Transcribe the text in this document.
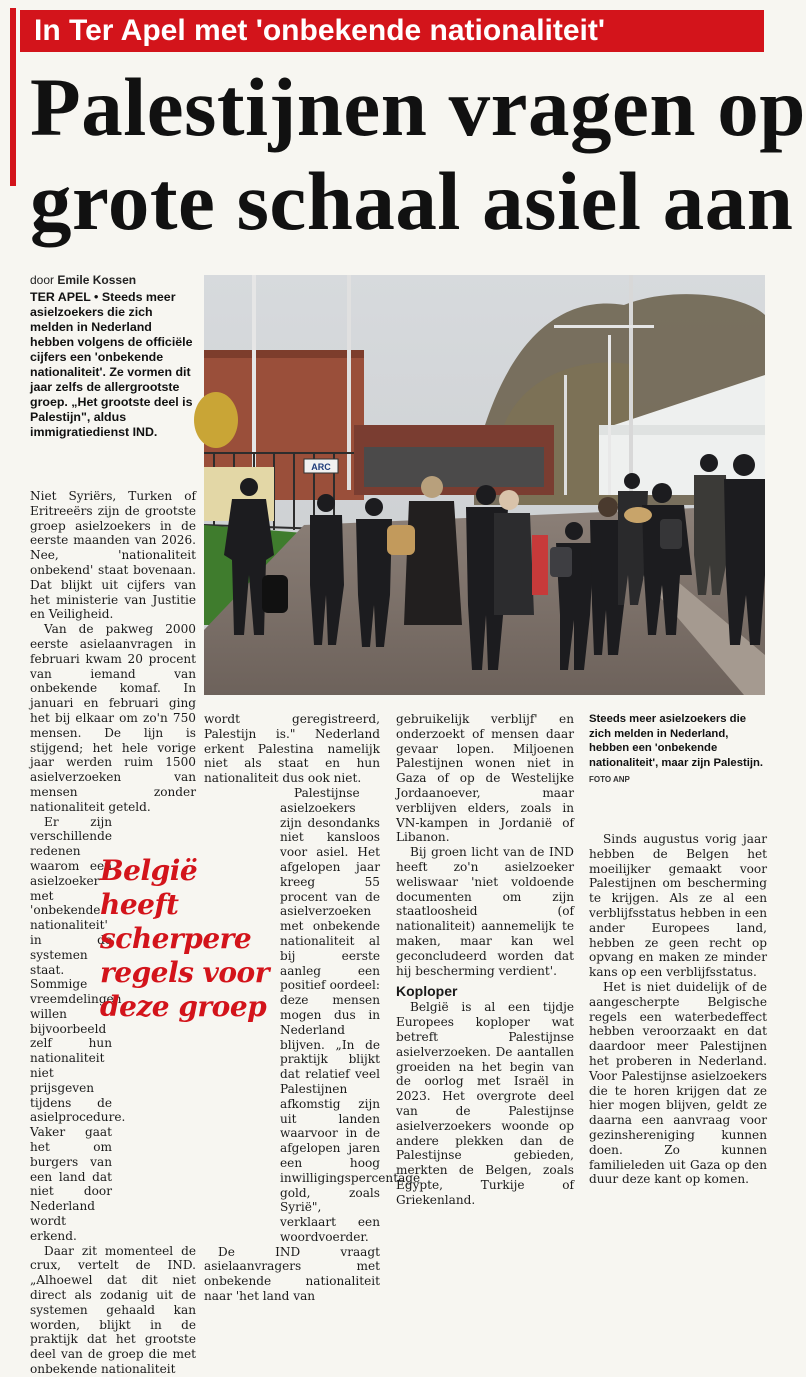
In Ter Apel met 'onbekende nationaliteit'
Palestijnen vragen op
grote schaal asiel aan
door Emile Kossen
TER APEL • Steeds meer asielzoekers die zich melden in Nederland hebben volgens de officiële cijfers een 'onbekende nationaliteit'. Ze vormen dit jaar zelfs de allergrootste groep. „Het grootste deel is Palestijn", aldus immigratiedienst IND.
ARC
Steeds meer asielzoekers die zich melden in Nederland, hebben een 'onbekende nationaliteit', maar zijn Palestijn.
FOTO ANP

Niet Syriërs, Turken of Eritreeërs zijn de grootste groep asielzoekers in de eerste maanden van 2026. Nee, 'nationaliteit onbekend' staat bovenaan. Dat blijkt uit cijfers van het ministerie van Justitie en Veiligheid.

Van de pakweg 2000 eerste asielaanvragen in februari kwam 20 procent van iemand van onbekende komaf. In januari en februari ging het bij elkaar om zo'n 750 mensen. De lijn is stijgend; het hele vorige jaar werden ruim 1500 asielverzoeken van mensen zonder nationaliteit geteld.

Er zijn verschillende redenen waarom een asielzoeker met 'onbekende nationaliteit' in de systemen staat. Sommige vreemdelingen willen bijvoorbeeld zelf hun nationaliteit niet prijsgeven tijdens de asielprocedure. Vaker gaat het om burgers van een land dat niet door Nederland wordt erkend.

Daar zit momenteel de crux, vertelt de IND. „Alhoewel dat dit niet direct als zodanig uit de systemen gehaald kan worden, blijkt in de praktijk dat het grootste deel van de groep die met onbekende nationaliteit

wordt geregistreerd, Palestijn is." Nederland erkent Palestina namelijk niet als staat en hun nationaliteit dus ook niet.

Palestijnse asielzoekers zijn desondanks niet kansloos voor asiel. Het afgelopen jaar kreeg 55 procent van de asielverzoeken met onbekende nationaliteit al bij eerste aanleg een positief oordeel: deze mensen mogen dus in Nederland blijven. „In de praktijk blijkt dat relatief veel Palestijnen afkomstig zijn uit landen waarvoor in de afgelopen jaren een hoog inwilligingspercentage gold, zoals Syrië", verklaart een woordvoerder.

De IND vraagt asielaanvragers met onbekende nationaliteit naar 'het land van

België heeft scherpere regels voor deze groep

gebruikelijk verblijf' en onderzoekt of mensen daar gevaar lopen. Miljoenen Palestijnen wonen niet in Gaza of op de Westelijke Jordaanoever, maar verblijven elders, zoals in VN-kampen in Jordanië of Libanon.

Bij groen licht van de IND heeft zo'n asielzoeker weliswaar 'niet voldoende documenten om zijn staatloosheid (of nationaliteit) aannemelijk te maken, maar kan wel geconcludeerd worden dat hij bescherming verdient'.

Koploper

België is al een tijdje Europees koploper wat betreft Palestijnse asielverzoeken. De aantallen groeiden na het begin van de oorlog met Israël in 2023. Het overgrote deel van de Palestijnse asielverzoekers woonde op andere plekken dan de Palestijnse gebieden, merkten de Belgen, zoals Egypte, Turkije of Griekenland.

Sinds augustus vorig jaar hebben de Belgen het moeilijker gemaakt voor Palestijnen om bescherming te krijgen. Als ze al een verblijfsstatus hebben in een ander Europees land, hebben ze geen recht op opvang en maken ze minder kans op een verblijfsstatus.

Het is niet duidelijk of de aangescherpte Belgische regels een waterbedeffect hebben veroorzaakt en dat daardoor meer Palestijnen het proberen in Nederland. Voor Palestijnse asielzoekers die te horen krijgen dat ze hier mogen blijven, geldt ze daarna een aanvraag voor gezinshereniging kunnen doen. Zo kunnen familieleden uit Gaza op den duur deze kant op komen.
